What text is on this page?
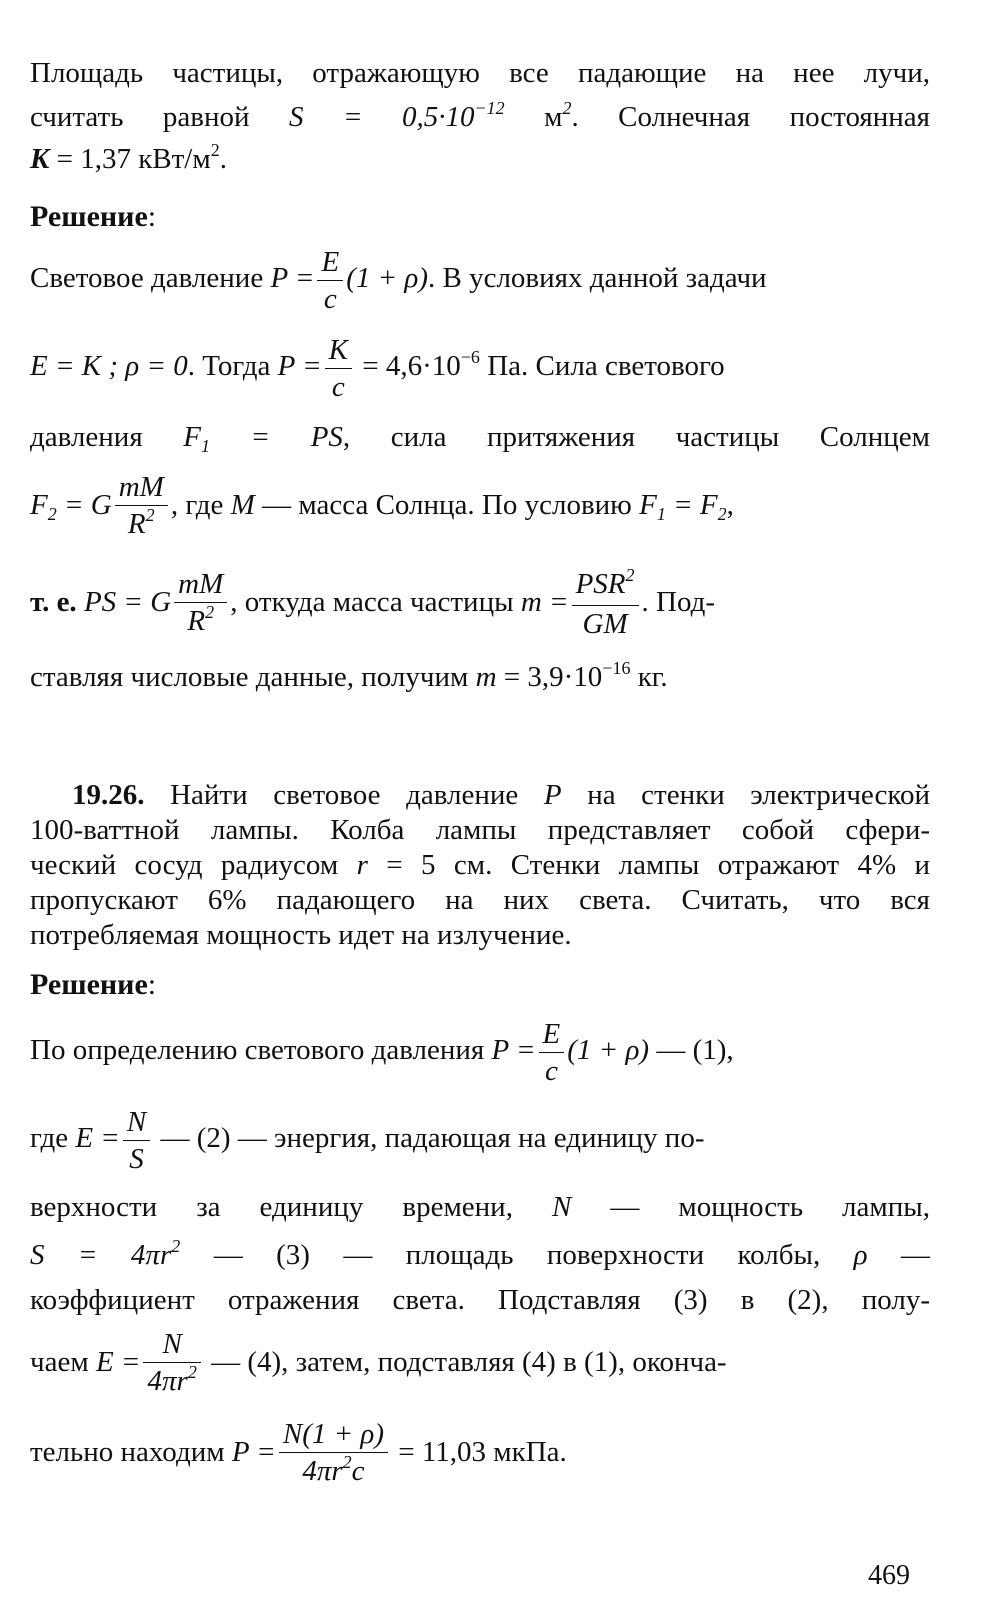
Площадь частицы, отражающую все падающие на нее лучи,
считать равной $S = 0,5\cdot 10^{-12}$ $м^2$. Солнечная постоянная
K = 1,37 кВт/$м^2$.
Решение:
Световое давление $P = \frac{E}{c} (1 + \rho)$. В условиях данной задачи
E = K ; ρ = 0. Тогда $P = \frac{K}{c} = 4,6\cdot 10^{-6}$ Па. Сила светового
давления $F_1$ = PS, сила притяжения частицы Солнцем
$F_2 = G \frac{mM}{R^2}$ , где M — масса Солнца. По условию $F_1 = F_2$,
т. е. PS = G $\frac{mM}{R^2}$ , откуда масса частицы $m = \frac{PSR^2}{GM}$ . Под-
ставляя числовые данные, получим $m = 3,9\cdot 10^{-16}$ кг.
19.26. Найти световое давление P на стенки электрической
100-ваттной лампы. Колба лампы представляет собой сфери-
ческий сосуд радиусом r = 5 см. Стенки лампы отражают 4% и
пропускают 6% падающего на них света. Считать, что вся
потребляемая мощность идет на излучение.
Решение:
По определению светового давления $P = \frac{E}{c} (1 + \rho)$ — (1),
где $E = \frac{N}{S}$ — (2) — энергия, падающая на единицу по-
верхности за единицу времени, N — мощность лампы,
$S = 4\pi r^2$ — (3) — площадь поверхности колбы, ρ —
коэффициент отражения света. Подставляя (3) в (2), полу-
чаем $E = \frac{N}{4\pi r^2}$ — (4), затем, подставляя (4) в (1), оконча-
тельно находим $P = \frac{N(1 + \rho)}{4\pi r^2c} = 11,03$ мкПа.
469
